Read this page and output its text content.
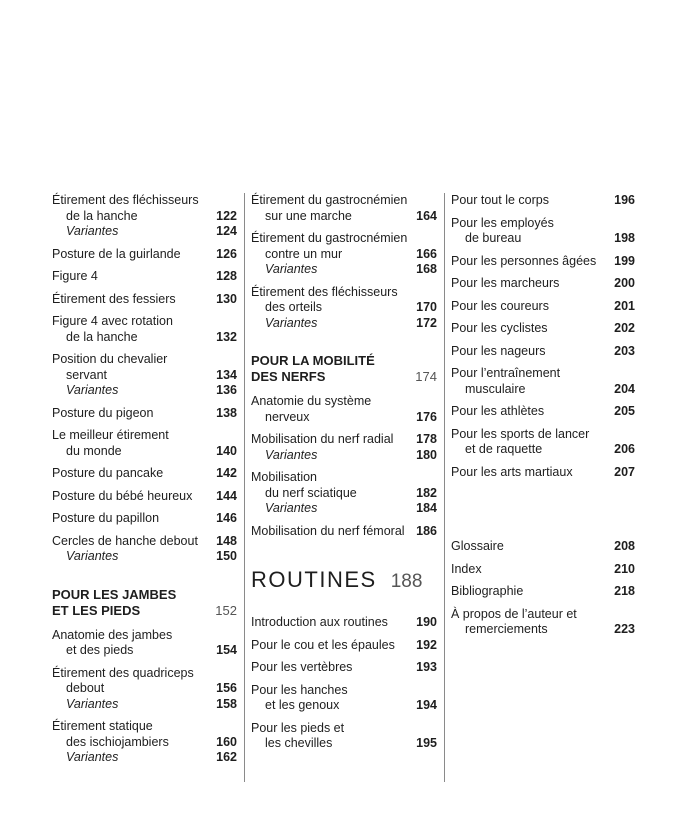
Étirement des fléchisseurs
de la hanche	122
Variantes	124
Posture de la guirlande	126
Figure 4	128
Étirement des fessiers	130
Figure 4 avec rotation
de la hanche	132
Position du chevalier
servant	134
Variantes	136
Posture du pigeon	138
Le meilleur étirement
du monde	140
Posture du pancake	142
Posture du bébé heureux 144
Posture du papillon	146
Cercles de hanche debout 148
Variantes	150
POUR LES JAMBES
ET LES PIEDS	152
Anatomie des jambes
et des pieds	154
Étirement des quadriceps
debout	156
Variantes	158
Étirement statique
des ischiojambiers	160
Variantes	162
Étirement du gastrocnémien
sur une marche	164
Étirement du gastrocnémien
contre un mur	166
Variantes	168
Étirement des fléchisseurs
des orteils	170
Variantes	172
POUR LA MOBILITÉ
DES NERFS	174
Anatomie du système
nerveux	176
Mobilisation du nerf radial 178
Variantes	180
Mobilisation
du nerf sciatique	182
Variantes	184
Mobilisation du nerf fémoral 186
ROUTINES 188
Introduction aux routines 190
Pour le cou et les épaules 192
Pour les vertèbres	193
Pour les hanches
et les genoux	194
Pour les pieds et
les chevilles	195
Pour tout le corps	196
Pour les employés
de bureau	198
Pour les personnes âgées 199
Pour les marcheurs	200
Pour les coureurs	201
Pour les cyclistes	202
Pour les nageurs	203
Pour l’entraînement
musculaire	204
Pour les athlètes	205
Pour les sports de lancer
et de raquette	206
Pour les arts martiaux	207
Glossaire	208
Index	210
Bibliographie	218
À propos de l’auteur et
remerciements	223
